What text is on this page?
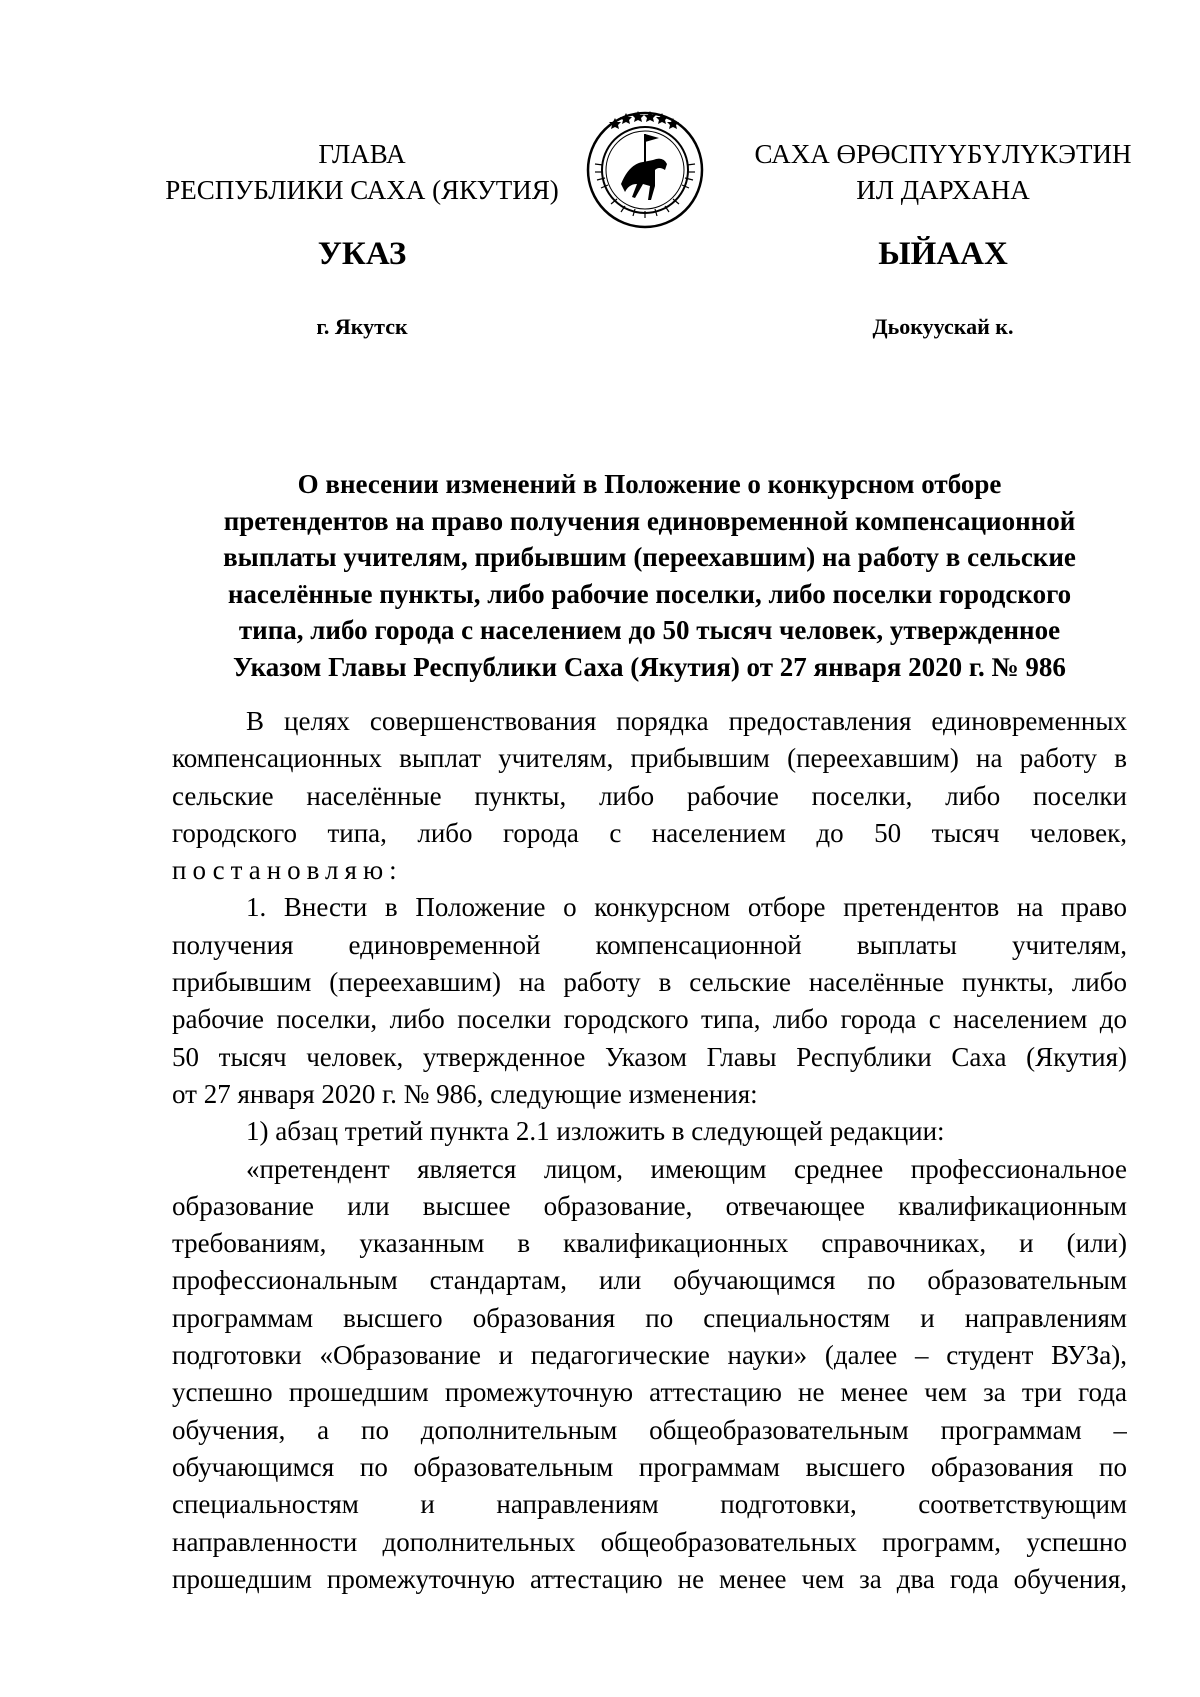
ГЛАВА
РЕСПУБЛИКИ САХА (ЯКУТИЯ)
САХА ӨРӨСПҮҮБҮЛҮКЭТИН
ИЛ ДАРХАНА
УКАЗ	ЫЙААХ
г. Якутск	Дьокуускай к.
О внесении изменений в Положение о конкурсном отборе
претендентов на право получения единовременной компенсационной
выплаты учителям, прибывшим (переехавшим) на работу в сельские
населённые пункты, либо рабочие поселки, либо поселки городского
типа, либо города с населением до 50 тысяч человек, утвержденное
Указом Главы Республики Саха (Якутия) от 27 января 2020 г. № 986
В целях совершенствования порядка предоставления единовременных
компенсационных выплат учителям, прибывшим (переехавшим) на работу в
сельские населённые пункты, либо рабочие поселки, либо поселки
городского типа, либо города с населением до 50 тысяч человек,
постановляю:
1. Внести в Положение о конкурсном отборе претендентов на право
получения единовременной компенсационной выплаты учителям,
прибывшим (переехавшим) на работу в сельские населённые пункты, либо
рабочие поселки, либо поселки городского типа, либо города с населением до
50 тысяч человек, утвержденное Указом Главы Республики Саха (Якутия)
от 27 января 2020 г. № 986, следующие изменения:
1) абзац третий пункта 2.1 изложить в следующей редакции:
«претендент является лицом, имеющим среднее профессиональное
образование или высшее образование, отвечающее квалификационным
требованиям, указанным в квалификационных справочниках, и (или)
профессиональным стандартам, или обучающимся по образовательным
программам высшего образования по специальностям и направлениям
подготовки «Образование и педагогические науки» (далее – студент ВУЗа),
успешно прошедшим промежуточную аттестацию не менее чем за три года
обучения, а по дополнительным общеобразовательным программам –
обучающимся по образовательным программам высшего образования по
специальностям и направлениям подготовки, соответствующим
направленности дополнительных общеобразовательных программ, успешно
прошедшим промежуточную аттестацию не менее чем за два года обучения,
